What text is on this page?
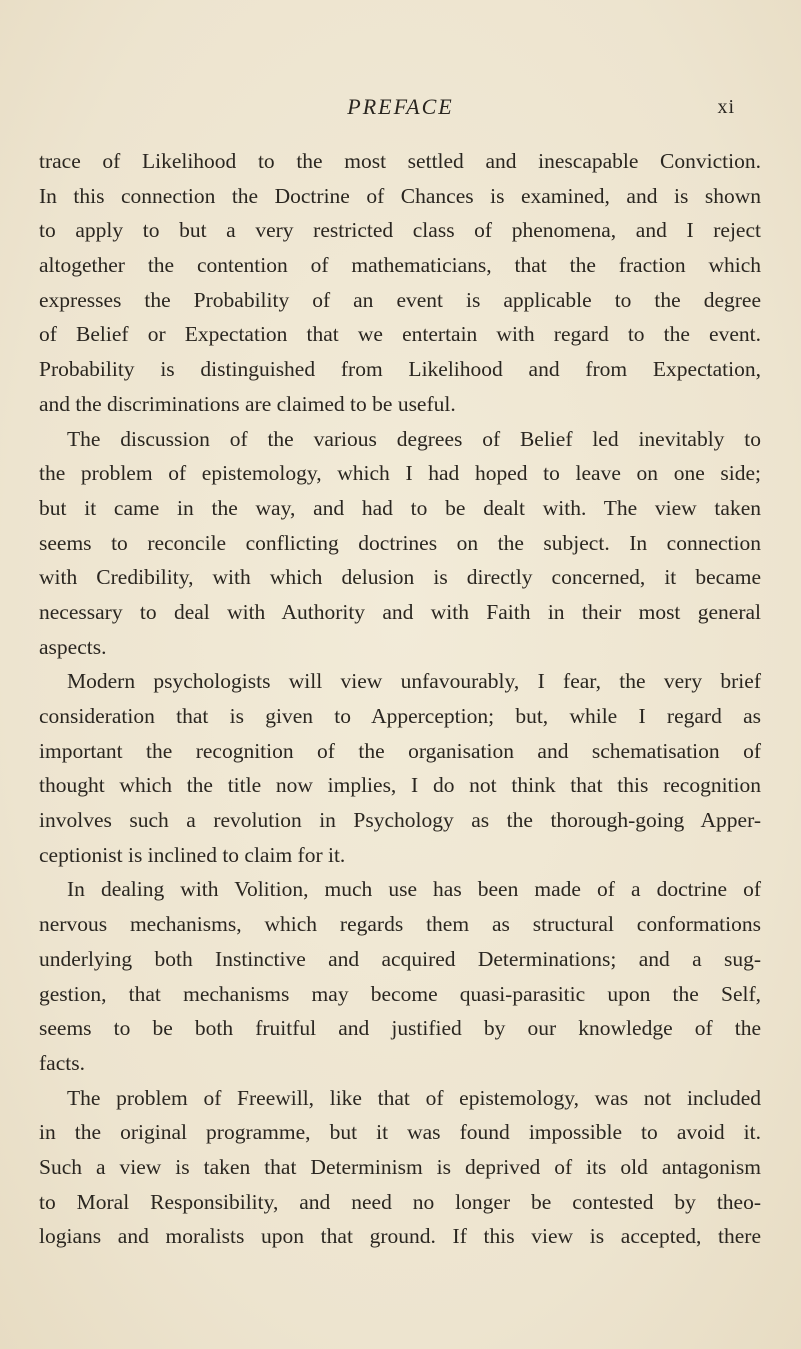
PREFACE	xi
trace of Likelihood to the most settled and inescapable Conviction.
In this connection the Doctrine of Chances is examined, and is shown
to apply to but a very restricted class of phenomena, and I reject
altogether the contention of mathematicians, that the fraction which
expresses the Probability of an event is applicable to the degree
of Belief or Expectation that we entertain with regard to the event.
Probability is distinguished from Likelihood and from Expectation,
and the discriminations are claimed to be useful.
The discussion of the various degrees of Belief led inevitably to
the problem of epistemology, which I had hoped to leave on one side;
but it came in the way, and had to be dealt with. The view taken
seems to reconcile conflicting doctrines on the subject. In connection
with Credibility, with which delusion is directly concerned, it became
necessary to deal with Authority and with Faith in their most general
aspects.
Modern psychologists will view unfavourably, I fear, the very brief
consideration that is given to Apperception; but, while I regard as
important the recognition of the organisation and schematisation of
thought which the title now implies, I do not think that this recognition
involves such a revolution in Psychology as the thorough-going Apper-
ceptionist is inclined to claim for it.
In dealing with Volition, much use has been made of a doctrine of
nervous mechanisms, which regards them as structural conformations
underlying both Instinctive and acquired Determinations; and a sug-
gestion, that mechanisms may become quasi-parasitic upon the Self,
seems to be both fruitful and justified by our knowledge of the
facts.
The problem of Freewill, like that of epistemology, was not included
in the original programme, but it was found impossible to avoid it.
Such a view is taken that Determinism is deprived of its old antagonism
to Moral Responsibility, and need no longer be contested by theo-
logians and moralists upon that ground. If this view is accepted, there
